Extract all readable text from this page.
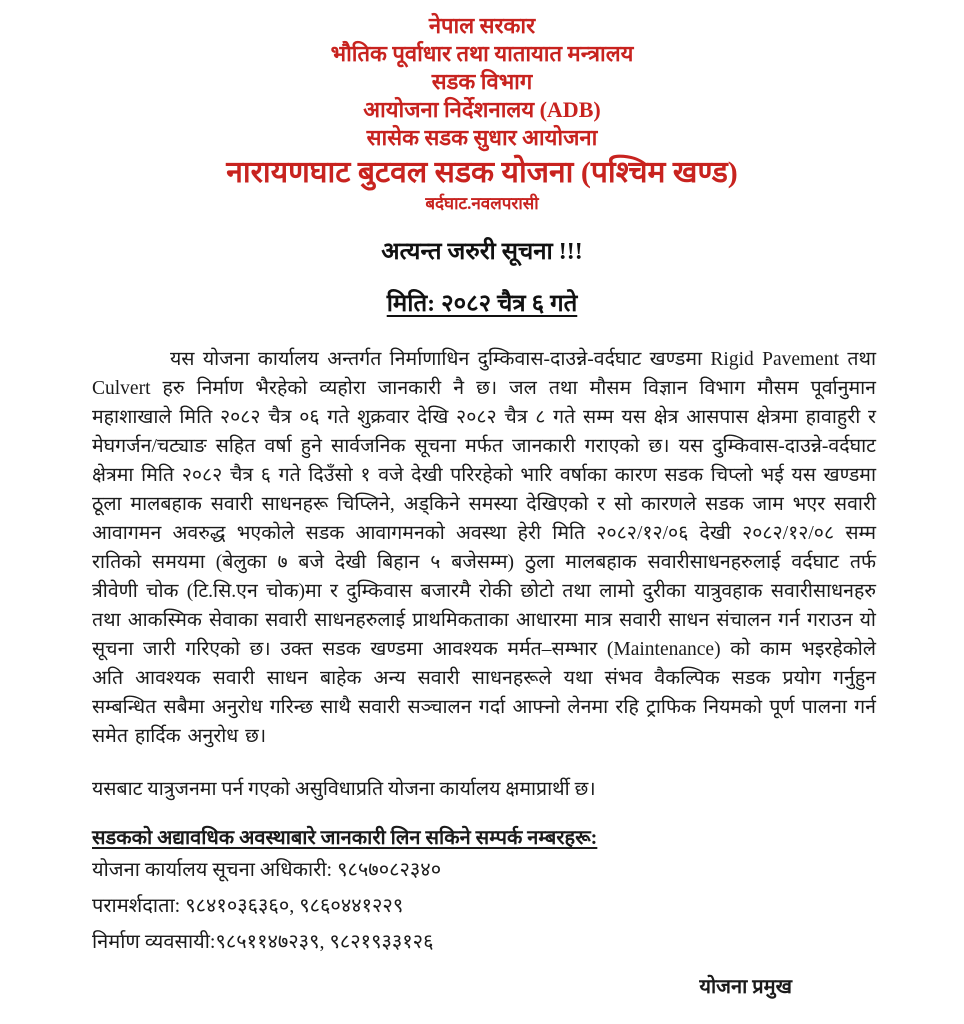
नेपाल सरकार
भौतिक पूर्वाधार तथा यातायात मन्त्रालय
सडक विभाग
आयोजना निर्देशनालय (ADB)
सासेक सडक सुधार आयोजना
नारायणघाट बुटवल सडक योजना (पश्चिम खण्ड)
बर्दघाट.नवलपरासी
अत्यन्त जरुरी सूचना !!!

मिति: २०८२ चैत्र ६ गते

यस योजना कार्यालय अन्तर्गत निर्माणाधिन दुम्किवास-दाउन्ने-वर्दघाट खण्डमा Rigid Pavement तथा Culvert हरु निर्माण भैरहेको व्यहोरा जानकारी नै छ। जल तथा मौसम विज्ञान विभाग मौसम पूर्वानुमान महाशाखाले मिति २०८२ चैत्र ०६ गते शुक्रवार देखि २०८२ चैत्र ८ गते सम्म यस क्षेत्र आसपास क्षेत्रमा हावाहुरी र मेघगर्जन/चट्याङ सहित वर्षा हुने सार्वजनिक सूचना मर्फत जानकारी गराएको छ। यस दुम्किवास-दाउन्ने-वर्दघाट क्षेत्रमा मिति २०८२ चैत्र ६ गते दिउँसो १ वजे देखी परिरहेको भारि वर्षाका कारण सडक चिप्लो भई यस खण्डमा ठूला मालबहाक सवारी साधनहरू चिप्लिने, अड्किने समस्या देखिएको र सो कारणले सडक जाम भएर सवारी आवागमन अवरुद्ध भएकोले सडक आवागमनको अवस्था हेरी मिति २०८२/१२/०६ देखी २०८२/१२/०८ सम्म रातिको समयमा (बेलुका ७ बजे देखी बिहान ५ बजेसम्म) ठुला मालबहाक सवारीसाधनहरुलाई वर्दघाट तर्फ त्रीवेणी चोक (टि.सि.एन चोक)मा र दुम्किवास बजारमै रोकी छोटो तथा लामो दुरीका यात्रुवहाक सवारीसाधनहरु तथा आकस्मिक सेवाका सवारी साधनहरुलाई प्राथमिकताका आधारमा मात्र सवारी साधन संचालन गर्न गराउन यो सूचना जारी गरिएको छ। उक्त सडक खण्डमा आवश्यक मर्मत–सम्भार (Maintenance) को काम भइरहेकोले अति आवश्यक सवारी साधन बाहेक अन्य सवारी साधनहरूले यथा संभव वैकल्पिक सडक प्रयोग गर्नुहुन सम्बन्धित सबैमा अनुरोध गरिन्छ साथै सवारी सञ्चालन गर्दा आफ्नो लेनमा रहि ट्राफिक नियमको पूर्ण पालना गर्न समेत हार्दिक अनुरोध छ।

यसबाट यात्रुजनमा पर्न गएको असुविधाप्रति योजना कार्यालय क्षमाप्रार्थी छ।

सडकको अद्यावधिक अवस्थाबारे जानकारी लिन सकिने सम्पर्क नम्बरहरू:
योजना कार्यालय सूचना अधिकारी: ९८५७०८२३४०
परामर्शदाता: ९८४१०३६३६०, ९८६०४४१२२९
निर्माण व्यवसायी:९८५११४७२३९, ९८२१९३३१२६
योजना प्रमुख
